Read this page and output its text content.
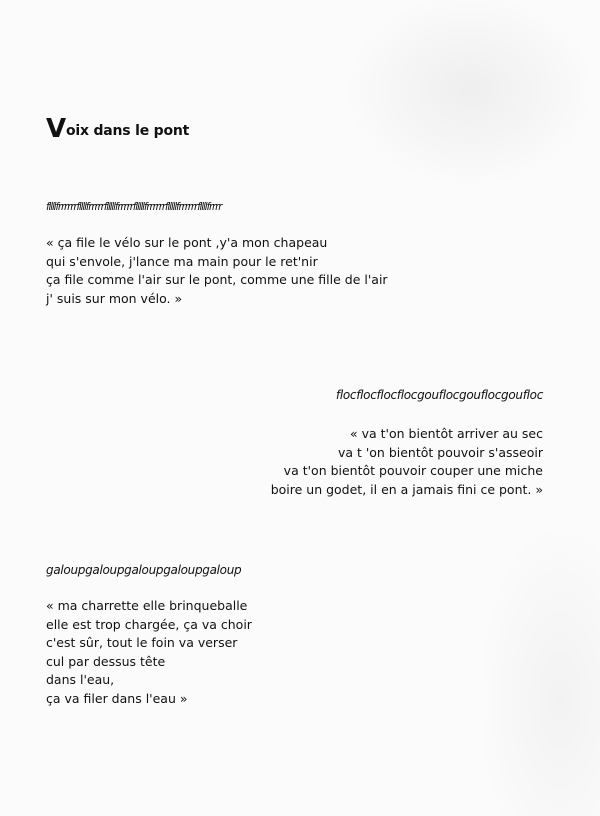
Voix dans le pont
fllllfrrrrrrfllllfrrrrrflllllfrrrrrflllllfrrrrrrflllllfrrrrrrfllllfrrrr
« ça file le vélo sur le pont ,y'a mon chapeau
qui s'envole, j'lance ma main pour le ret'nir
ça file comme l'air sur le pont, comme une fille de l'air
j' suis sur mon vélo. »
flocflocflocflocgouflocgouflocgoufloc
« va t'on bientôt arriver au sec
va t 'on bientôt pouvoir s'asseoir
va t'on bientôt pouvoir couper une miche
boire un godet, il en a jamais fini ce pont. »
galoupgaloupgaloupgaloupgaloup
« ma charrette elle brinqueballe
elle est trop chargée, ça va choir
c'est sûr, tout le foin va verser
cul par dessus tête
dans l'eau,
ça va filer dans l'eau »
